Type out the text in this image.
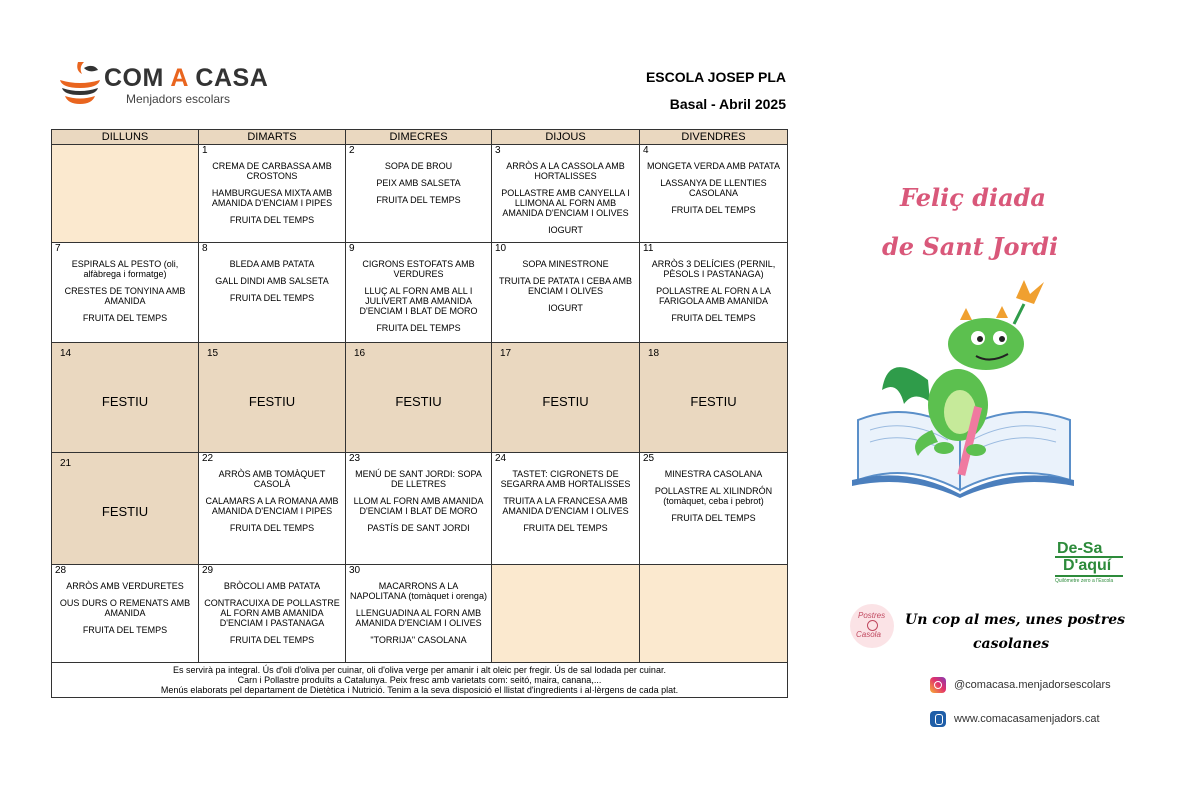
COM A CASA
Menjadors escolars
ESCOLA JOSEP PLA
Basal - Abril 2025
DILLUNS	DIMARTS	DIMECRES	DIJOUS	DIVENDRES

	1
CREMA DE CARBASSA AMB CROSTONS
HAMBURGUESA MIXTA AMB AMANIDA D'ENCIAM I PIPES
FRUITA DEL TEMPS	2
SOPA DE BROU
PEIX AMB SALSETA
FRUITA DEL TEMPS	3
ARRÒS A LA CASSOLA AMB HORTALISSES
POLLASTRE AMB CANYELLA I LLIMONA AL FORN AMB AMANIDA D'ENCIAM I OLIVES
IOGURT	4
MONGETA VERDA AMB PATATA
LASSANYA DE LLENTIES CASOLANA
FRUITA DEL TEMPS

7
ESPIRALS AL PESTO (oli, alfàbrega i formatge)
CRESTES DE TONYINA AMB AMANIDA
FRUITA DEL TEMPS	8
BLEDA AMB PATATA
GALL DINDI AMB SALSETA
FRUITA DEL TEMPS	9
CIGRONS ESTOFATS AMB VERDURES
LLUÇ AL FORN AMB ALL I JULIVERT AMB AMANIDA D'ENCIAM I BLAT DE MORO
FRUITA DEL TEMPS	10
SOPA MINESTRONE
TRUITA DE PATATA I CEBA AMB ENCIAM I OLIVES
IOGURT	11
ARRÒS 3 DELÍCIES (PERNIL, PÈSOLS I PASTANAGA)
POLLASTRE AL FORN A LA FARIGOLA AMB AMANIDA
FRUITA DEL TEMPS

14
FESTIU	15
FESTIU	16
FESTIU	17
FESTIU	18
FESTIU

21
FESTIU	22
ARRÒS AMB TOMÀQUET CASOLÀ
CALAMARS A LA ROMANA AMB AMANIDA D'ENCIAM I PIPES
FRUITA DEL TEMPS	23
MENÚ DE SANT JORDI: SOPA DE LLETRES
LLOM AL FORN AMB AMANIDA D'ENCIAM I BLAT DE MORO
PASTÍS DE SANT JORDI	24
TASTET: CIGRONETS DE SEGARRA AMB HORTALISSES
TRUITA A LA FRANCESA AMB AMANIDA D'ENCIAM I OLIVES
FRUITA DEL TEMPS	25
MINESTRA CASOLANA
POLLASTRE AL XILINDRÓN (tomàquet, ceba i pebrot)
FRUITA DEL TEMPS

28
ARRÒS AMB VERDURETES
OUS DURS O REMENATS AMB AMANIDA
FRUITA DEL TEMPS	29
BRÒCOLI AMB PATATA
CONTRACUIXA DE POLLASTRE AL FORN AMB AMANIDA D'ENCIAM I PASTANAGA
FRUITA DEL TEMPS	30
MACARRONS A LA NAPOLITANA (tomàquet i orenga)
LLENGUADINA AL FORN AMB AMANIDA D'ENCIAM I OLIVES
"TORRIJA" CASOLANA		

Es servirà pa integral. Ús d'oli d'oliva per cuinar, oli d'oliva verge per amanir i alt oleic per fregir. Ús de sal lodada per cuinar.
Carn i Pollastre produïts a Catalunya. Peix fresc amb varietats com: seitó, maira, canana,...
Menús elaborats pel departament de Dietètica i Nutrició. Tenim a la seva disposició el llistat d'ingredients i al·lèrgens de cada plat.				
Feliç diada
de Sant Jordi
De-Sa
D'aquí
Quilòmetre zero a l'Escola
Postres
Casola
Un cop al mes, unes postres
casolanes
@comacasa.menjadorsescolars
www.comacasamenjadors.cat
